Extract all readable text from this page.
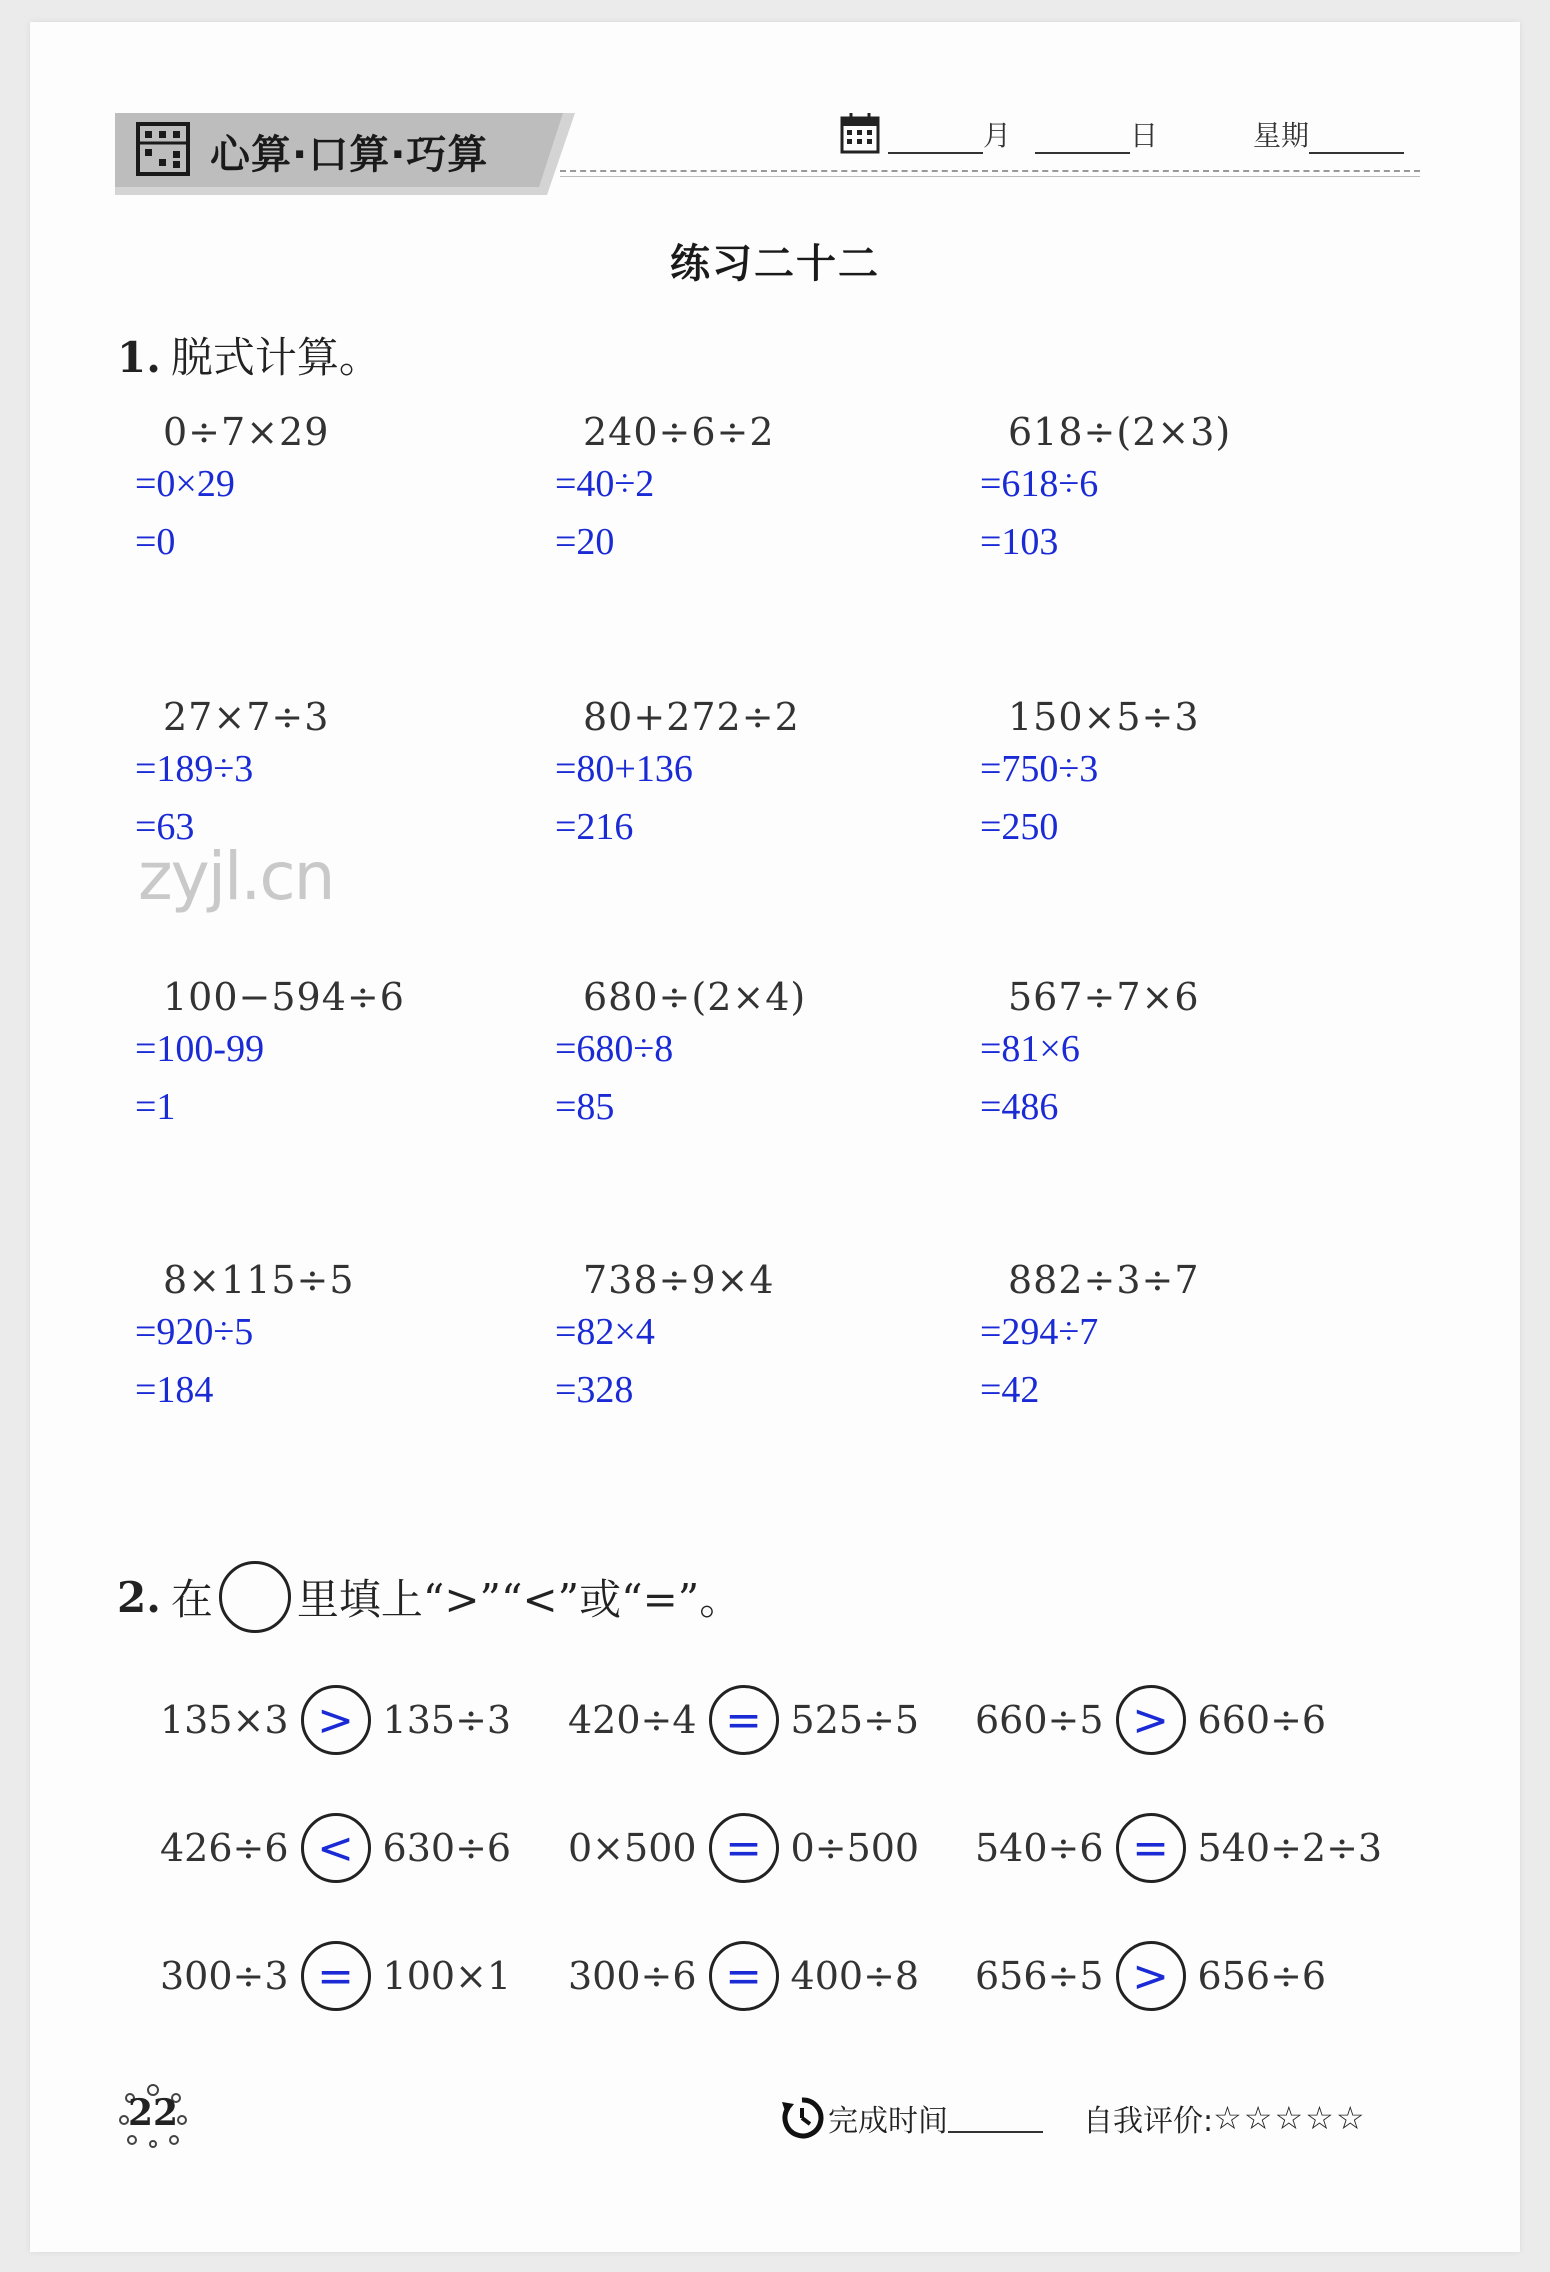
心算·口算·巧算	月	日	星期
练习二十二
1. 脱式计算。
0÷7×29
=0×29
=0
240÷6÷2
=40÷2
=20
618÷(2×3)
=618÷6
=103
27×7÷3
=189÷3
=63
80+272÷2
=80+136
=216
150×5÷3
=750÷3
=250
100−594÷6
=100-99
=1
680÷(2×4)
=680÷8
=85
567÷7×6
=81×6
=486
8×115÷5
=920÷5
=184
738÷9×4
=82×4
=328
882÷3÷7
=294÷7
=42
zyjl.cn
2. 在 里填上“>”“<”或“=”。
135×3 > 135÷3 420÷4 = 525÷5 660÷5 > 660÷6
426÷6 < 630÷6 0×500 = 0÷500 540÷6 = 540÷2÷3
300÷3 = 100×1 300÷6 = 400÷8 656÷5 > 656÷6
22	完成时间	自我评价: ☆☆☆☆☆
